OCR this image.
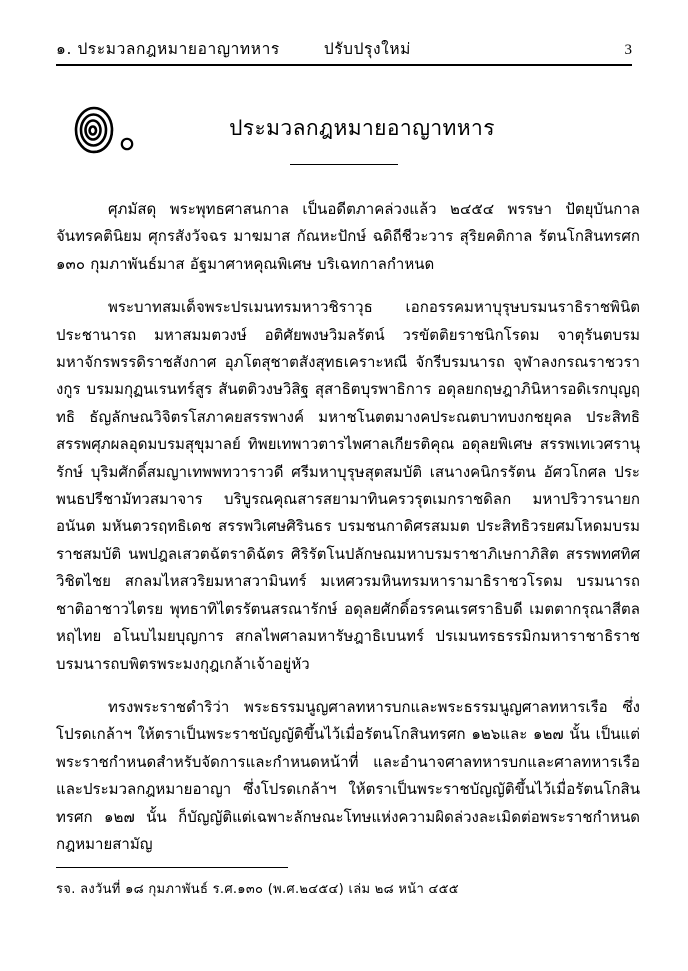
๑. ประมวลกฎหมายอาญาทหาร	ปรับปรุงใหม่	3
ประมวลกฎหมายอาญาทหาร

ศุภมัสดุ พระพุทธศาสนกาล เป็นอดีตภาคล่วงแล้ว ๒๔๕๔ พรรษา ปัตยุบันกาล จันทรคตินิยม ศุกรสังวัจฉร มาฆมาส กัณหะปักษ์ ฉดิถีชีวะวาร สุริยคติกาล รัตนโกสินทรศก ๑๓๐ กุมภาพันธ์มาส อัฐมาศาหคุณพิเศษ บริเฉทกาลกำหนด

พระบาทสมเด็จพระปรเมนทรมหาวชิราวุธ เอกอรรคมหาบุรุษบรมนราธิราชพินิตประชานารถ มหาสมมตวงษ์ อติศัยพงษวิมลรัตน์ วรขัตติยราชนิกโรดม จาตุรันตบรมมหาจักรพรรดิราชสังกาศ อุภโตสุชาตสังสุทธเคราะหณี จักรีบรมนารถ จุฬาลงกรณราชวรางกูร บรมมกุฏนเรนทร์สูร สันตติวงษวิสิฐ สุสาธิตบุรพาธิการ อดุลยกฤษฎาภินิหารอดิเรกบุญฤทธิ ธัญลักษณวิจิตรโสภาคยสรรพางค์ มหาชโนตตมางคประณตบาทบงกชยุคล ประสิทธิสรรพศุภผลอุดมบรมสุขุมาลย์ ทิพยเทพาวตารไพศาลเกียรติคุณ อดุลยพิเศษ สรรพเทเวศรานุรักษ์ บุริมศักดิ์สมญาเทพพทวาราวดี ศรีมหาบุรุษสุตสมบัติ เสนางคนิกรรัตน อัศวโกศล ประพนธปรีชามัทวสมาจาร บริบูรณคุณสารสยามาทินครวรุตเมกราชดิลก มหาปริวารนายกอนันต มหันตวรฤทธิเดช สรรพวิเศษศิรินธร บรมชนกาดิศรสมมต ประสิทธิวรยศมโหดมบรมราชสมบัติ นพปฎลเสวตฉัตราดิฉัตร ศิริรัตโนปลักษณมหาบรมราชาภิเษกาภิสิต สรรพทศทิศวิชิตไชย สกลมไหสวริยมหาสวามินทร์ มเหศวรมหินทรมหารามาธิราชวโรดม บรมนารถชาติอาชาวไตรย พุทธาทิไตรรัตนสรณารักษ์ อดุลยศักดิ์อรรคนเรศราธิบดี เมตตากรุณาสีตลหฤไทย อโนบไมยบุญการ สกลไพศาลมหารัษฎาธิเบนทร์ ปรเมนทรธรรมิกมหาราชาธิราช บรมนารถบพิตรพระมงกุฎเกล้าเจ้าอยู่หัว

ทรงพระราชดำริว่า พระธรรมนูญศาลทหารบกและพระธรรมนูญศาลทหารเรือ ซึ่งโปรดเกล้าฯ ให้ตราเป็นพระราชบัญญัติขึ้นไว้เมื่อรัตนโกสินทรศก ๑๒๖และ ๑๒๗ นั้น เป็นแต่พระราชกำหนดสำหรับจัดการและกำหนดหน้าที่ และอำนาจศาลทหารบกและศาลทหารเรือ และประมวลกฎหมายอาญา ซึ่งโปรดเกล้าฯ ให้ตราเป็นพระราชบัญญัติขึ้นไว้เมื่อรัตนโกสินทรศก ๑๒๗ นั้น ก็บัญญัติแต่เฉพาะลักษณะโทษแห่งความผิดล่วงละเมิดต่อพระราชกำหนดกฎหมายสามัญ

รจ. ลงวันที่ ๑๘ กุมภาพันธ์ ร.ศ.๑๓๐ (พ.ศ.๒๔๕๔) เล่ม ๒๘ หน้า ๔๕๕
